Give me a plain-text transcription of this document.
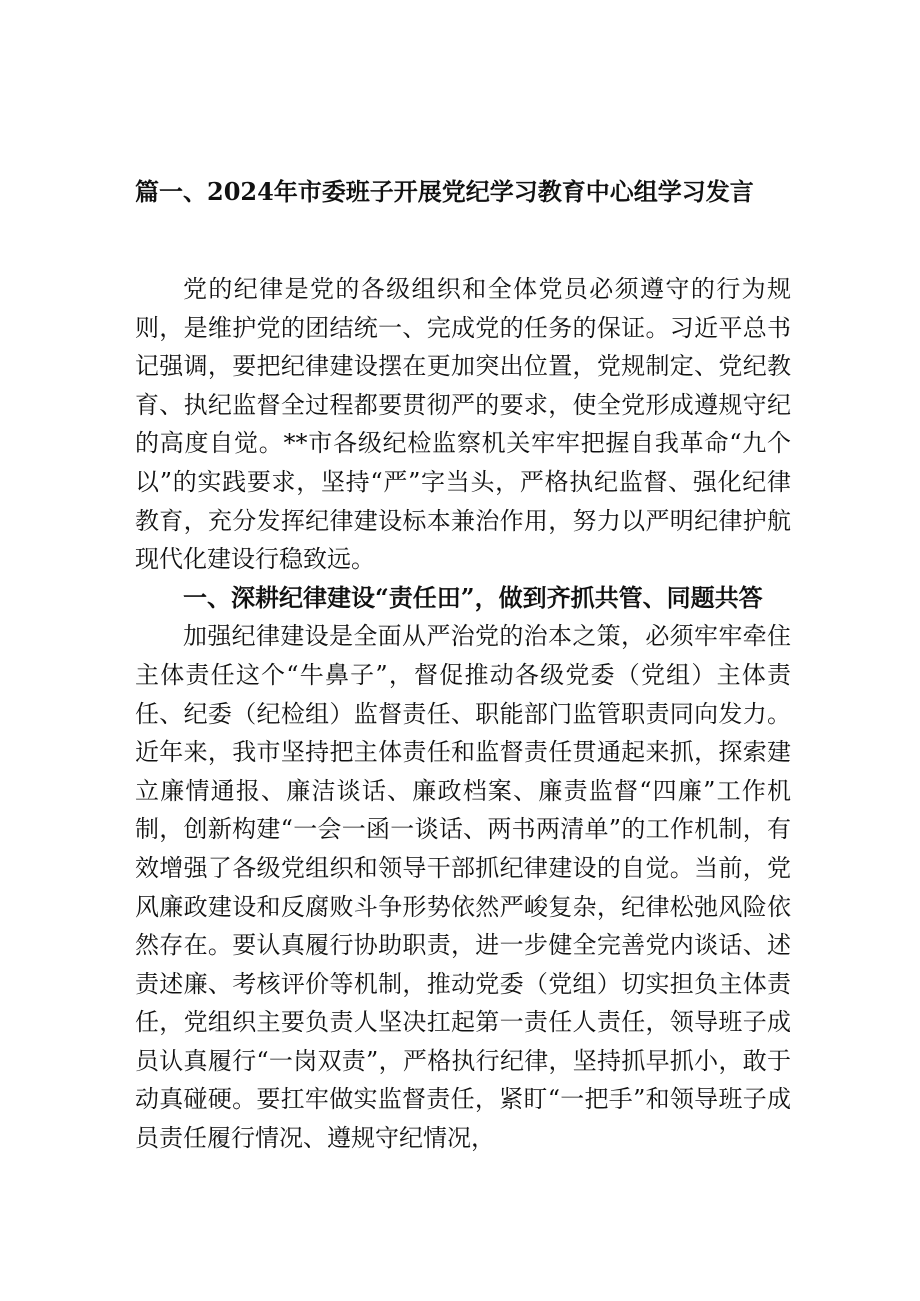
篇一、2024年市委班子开展党纪学习教育中心组学习发言

党的纪律是党的各级组织和全体党员必须遵守的行为规则，是维护党的团结统一、完成党的任务的保证。习近平总书记强调，要把纪律建设摆在更加突出位置，党规制定、党纪教育、执纪监督全过程都要贯彻严的要求，使全党形成遵规守纪的高度自觉。**市各级纪检监察机关牢牢把握自我革命“九个以”的实践要求，坚持“严”字当头，严格执纪监督、强化纪律教育，充分发挥纪律建设标本兼治作用，努力以严明纪律护航现代化建设行稳致远。

一、深耕纪律建设“责任田”，做到齐抓共管、同题共答

加强纪律建设是全面从严治党的治本之策，必须牢牢牵住主体责任这个“牛鼻子”，督促推动各级党委（党组）主体责任、纪委（纪检组）监督责任、职能部门监管职责同向发力。近年来，我市坚持把主体责任和监督责任贯通起来抓，探索建立廉情通报、廉洁谈话、廉政档案、廉责监督“四廉”工作机制，创新构建“一会一函一谈话、两书两清单”的工作机制，有效增强了各级党组织和领导干部抓纪律建设的自觉。当前，党风廉政建设和反腐败斗争形势依然严峻复杂，纪律松弛风险依然存在。要认真履行协助职责，进一步健全完善党内谈话、述责述廉、考核评价等机制，推动党委（党组）切实担负主体责任，党组织主要负责人坚决扛起第一责任人责任，领导班子成员认真履行“一岗双责”，严格执行纪律，坚持抓早抓小，敢于动真碰硬。要扛牢做实监督责任，紧盯“一把手”和领导班子成员责任履行情况、遵规守纪情况，
